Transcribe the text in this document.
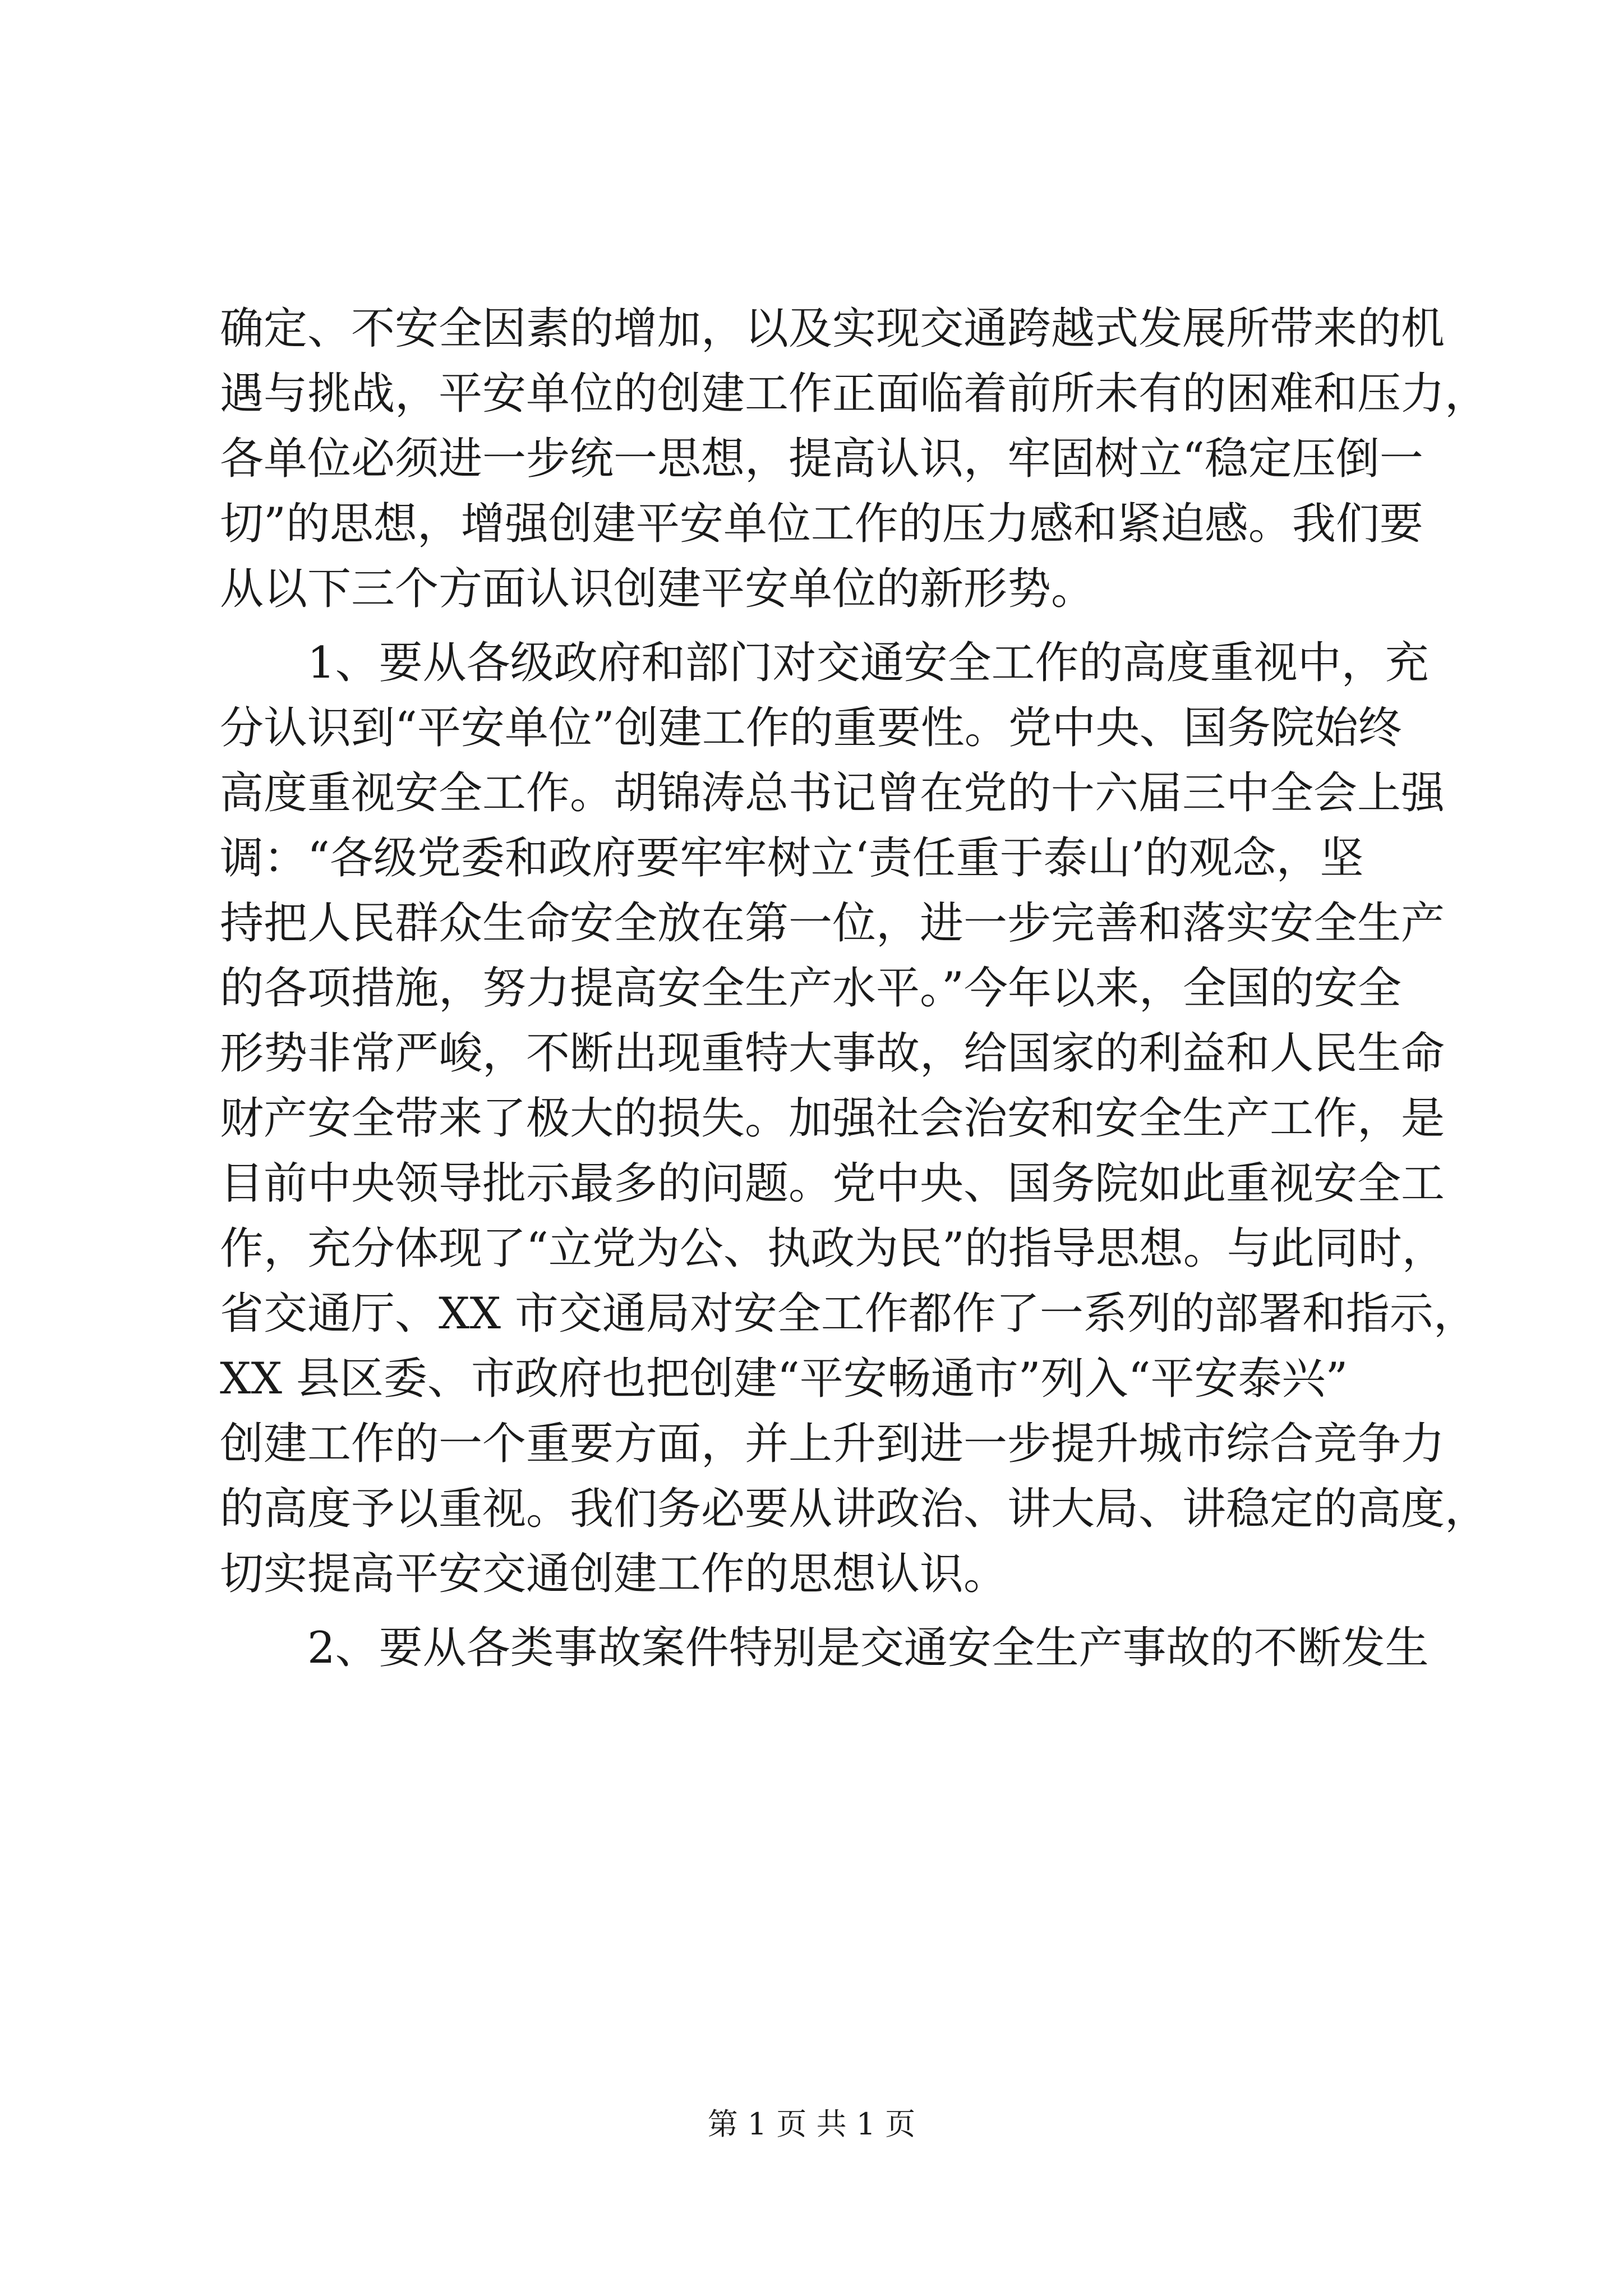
确定、不安全因素的增加，以及实现交通跨越式发展所带来的机
遇与挑战，平安单位的创建工作正面临着前所未有的困难和压力，
各单位必须进一步统一思想，提高认识，牢固树立“稳定压倒一
切”的思想，增强创建平安单位工作的压力感和紧迫感。我们要
从以下三个方面认识创建平安单位的新形势。
1、要从各级政府和部门对交通安全工作的高度重视中，充
分认识到“平安单位”创建工作的重要性。党中央、国务院始终
高度重视安全工作。胡锦涛总书记曾在党的十六届三中全会上强
调：“各级党委和政府要牢牢树立‘责任重于泰山’的观念，坚
持把人民群众生命安全放在第一位，进一步完善和落实安全生产
的各项措施，努力提高安全生产水平。”今年以来，全国的安全
形势非常严峻，不断出现重特大事故，给国家的利益和人民生命
财产安全带来了极大的损失。加强社会治安和安全生产工作，是
目前中央领导批示最多的问题。党中央、国务院如此重视安全工
作，充分体现了“立党为公、执政为民”的指导思想。与此同时，
省交通厅、XX 市交通局对安全工作都作了一系列的部署和指示，
XX 县区委、市政府也把创建“平安畅通市”列入“平安泰兴”
创建工作的一个重要方面，并上升到进一步提升城市综合竞争力
的高度予以重视。我们务必要从讲政治、讲大局、讲稳定的高度，
切实提高平安交通创建工作的思想认识。
2、要从各类事故案件特别是交通安全生产事故的不断发生
第 1 页 共 1 页
